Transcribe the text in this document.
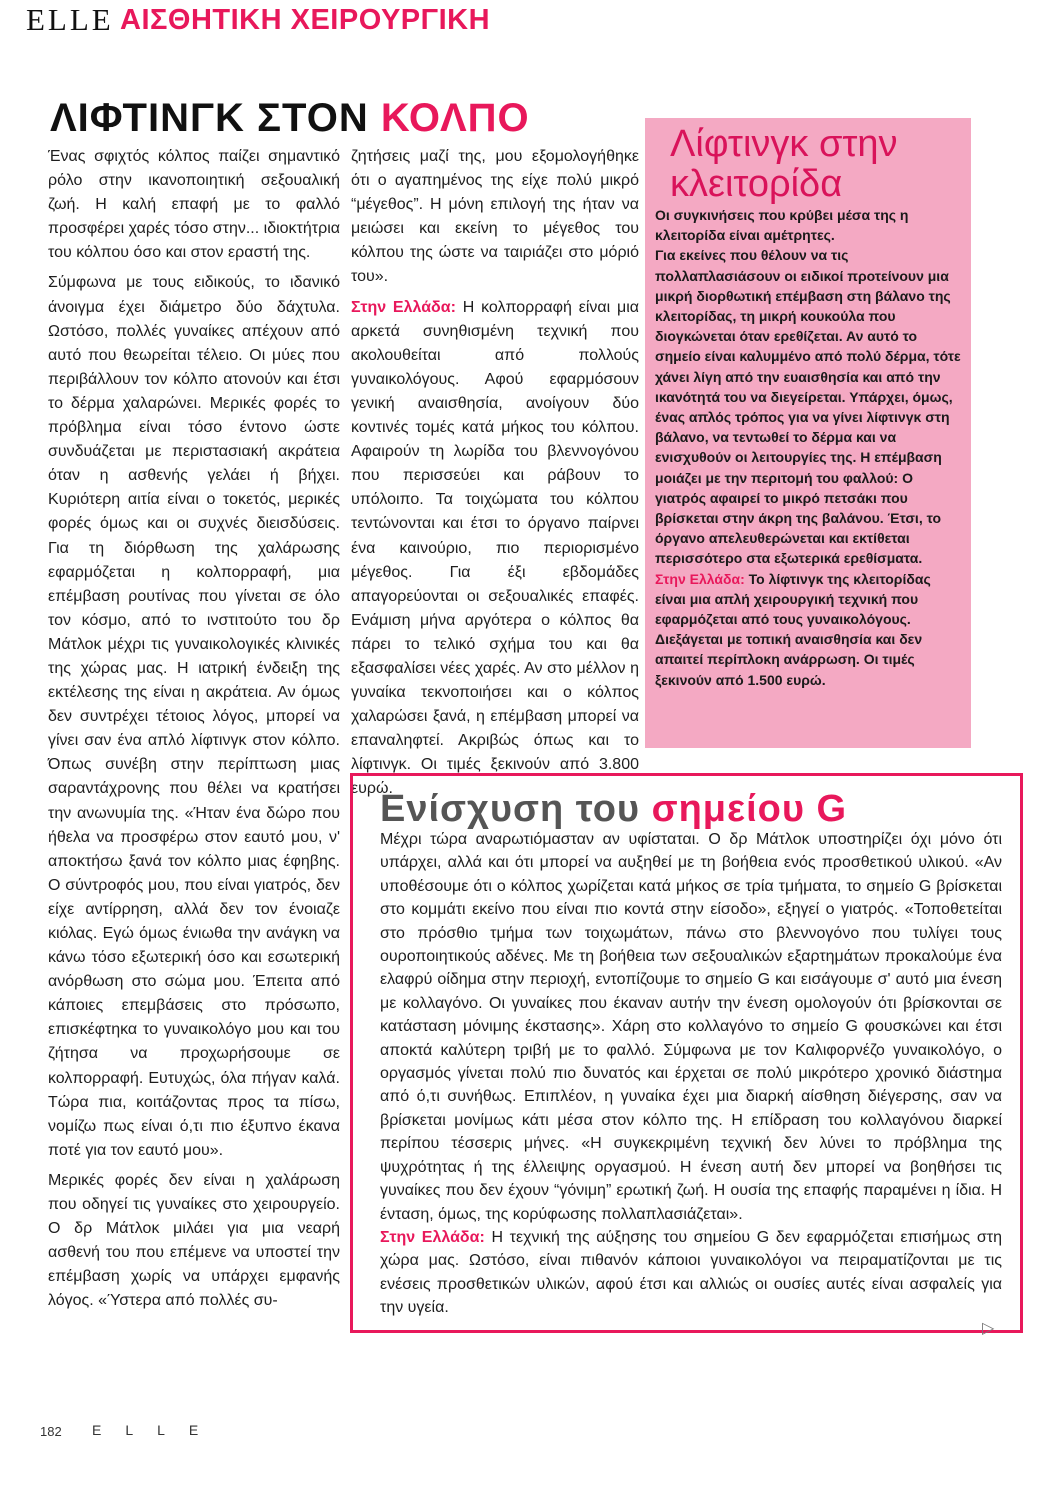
ELLE ΑΙΣΘΗΤΙΚΗ ΧΕΙΡΟΥΡΓΙΚΗ
ΛΙΦΤΙΝΓΚ ΣΤΟΝ ΚΟΛΠΟ

Ένας σφιχτός κόλπος παίζει σημαντικό ρόλο στην ικανοποιητική σεξουαλική ζωή. Η καλή επαφή με το φαλλό προσφέρει χαρές τόσο στην... ιδιοκτήτρια του κόλπου όσο και στον εραστή της.

Σύμφωνα με τους ειδικούς, το ιδανικό άνοιγμα έχει διάμετρο δύο δάχτυλα. Ωστόσο, πολλές γυναίκες απέχουν από αυτό που θεωρείται τέλειο. Οι μύες που περιβάλλουν τον κόλπο ατονούν και έτσι το δέρμα χαλαρώνει. Μερικές φορές το πρόβλημα είναι τόσο έντονο ώστε συνδυάζεται με περιστασιακή ακράτεια όταν η ασθενής γελάει ή βήχει. Κυριότερη αιτία είναι ο τοκετός, μερικές φορές όμως και οι συχνές διεισδύσεις. Για τη διόρθωση της χαλάρωσης εφαρμόζεται η κολπορραφή, μια επέμβαση ρουτίνας που γίνεται σε όλο τον κόσμο, από το ινστιτούτο του δρ Μάτλοκ μέχρι τις γυναικολογικές κλινικές της χώρας μας. Η ιατρική ένδειξη της εκτέλεσης της είναι η ακράτεια. Αν όμως δεν συντρέχει τέτοιος λόγος, μπορεί να γίνει σαν ένα απλό λίφτινγκ στον κόλπο. Όπως συνέβη στην περίπτωση μιας σαραντάχρονης που θέλει να κρατήσει την ανωνυμία της. «Ήταν ένα δώρο που ήθελα να προσφέρω στον εαυτό μου, ν' αποκτήσω ξανά τον κόλπο μιας έφηβης. Ο σύντροφός μου, που είναι γιατρός, δεν είχε αντίρρηση, αλλά δεν τον ένοιαζε κιόλας. Εγώ όμως ένιωθα την ανάγκη να κάνω τόσο εξωτερική όσο και εσωτερική ανόρθωση στο σώμα μου. Έπειτα από κάποιες επεμβάσεις στο πρόσωπο, επισκέφτηκα το γυναικολόγο μου και του ζήτησα να προχωρήσουμε σε κολπορραφή. Ευτυχώς, όλα πήγαν καλά. Τώρα πια, κοιτάζοντας προς τα πίσω, νομίζω πως είναι ό,τι πιο έξυπνο έκανα ποτέ για τον εαυτό μου».

Μερικές φορές δεν είναι η χαλάρωση που οδηγεί τις γυναίκες στο χειρουργείο. Ο δρ Μάτλοκ μιλάει για μια νεαρή ασθενή του που επέμενε να υποστεί την επέμβαση χωρίς να υπάρχει εμφανής λόγος. «Ύστερα από πολλές συ-

ζητήσεις μαζί της, μου εξομολογήθηκε ότι ο αγαπημένος της είχε πολύ μικρό “μέγεθος”. Η μόνη επιλογή της ήταν να μειώσει και εκείνη το μέγεθος του κόλπου της ώστε να ταιριάζει στο μόριό του».

Στην Ελλάδα: Η κολπορραφή είναι μια αρκετά συνηθισμένη τεχνική που ακολουθείται από πολλούς γυναικολόγους. Αφού εφαρμόσουν γενική αναισθησία, ανοίγουν δύο κοντινές τομές κατά μήκος του κόλπου. Αφαιρούν τη λωρίδα του βλεννογόνου που περισσεύει και ράβουν το υπόλοιπο. Τα τοιχώματα του κόλπου τεντώνονται και έτσι το όργανο παίρνει ένα καινούριο, πιο περιορισμένο μέγεθος. Για έξι εβδομάδες απαγορεύονται οι σεξουαλικές επαφές. Ενάμιση μήνα αργότερα ο κόλπος θα πάρει το τελικό σχήμα του και θα εξασφαλίσει νέες χαρές. Αν στο μέλλον η γυναίκα τεκνοποιήσει και ο κόλπος χαλαρώσει ξανά, η επέμβαση μπορεί να επαναληφτεί. Ακριβώς όπως και το λίφτινγκ. Οι τιμές ξεκινούν από 3.800 ευρώ.

Λίφτινγκ στην
κλειτορίδα

Οι συγκινήσεις που κρύβει μέσα της η κλειτορίδα είναι αμέτρητες.

Για εκείνες που θέλουν να τις πολλαπλασιάσουν οι ειδικοί προτείνουν μια μικρή διορθωτική επέμβαση στη βάλανο της κλειτορίδας, τη μικρή κουκούλα που διογκώνεται όταν ερεθίζεται. Αν αυτό το σημείο είναι καλυμμένο από πολύ δέρμα, τότε χάνει λίγη από την ευαισθησία και από την ικανότητά του να διεγείρεται. Υπάρχει, όμως, ένας απλός τρόπος για να γίνει λίφτινγκ στη βάλανο, να τεντωθεί το δέρμα και να ενισχυθούν οι λειτουργίες της. Η επέμβαση μοιάζει με την περιτομή του φαλλού: Ο γιατρός αφαιρεί το μικρό πετσάκι που βρίσκεται στην άκρη της βαλάνου. Έτσι, το όργανο απελευθερώνεται και εκτίθεται περισσότερο στα εξωτερικά ερεθίσματα.

Στην Ελλάδα: Το λίφτινγκ της κλειτορίδας είναι μια απλή χειρουργική τεχνική που εφαρμόζεται από τους γυναικολόγους. Διεξάγεται με τοπική αναισθησία και δεν απαιτεί περίπλοκη ανάρρωση. Οι τιμές ξεκινούν από 1.500 ευρώ.

Ενίσχυση του σημείου G

Μέχρι τώρα αναρωτιόμασταν αν υφίσταται. Ο δρ Μάτλοκ υποστηρίζει όχι μόνο ότι υπάρχει, αλλά και ότι μπορεί να αυξηθεί με τη βοήθεια ενός προσθετικού υλικού. «Αν υποθέσουμε ότι ο κόλπος χωρίζεται κατά μήκος σε τρία τμήματα, το σημείο G βρίσκεται στο κομμάτι εκείνο που είναι πιο κοντά στην είσοδο», εξηγεί ο γιατρός. «Τοποθετείται στο πρόσθιο τμήμα των τοιχωμάτων, πάνω στο βλεννογόνο που τυλίγει τους ουροποιητικούς αδένες. Με τη βοήθεια των σεξουαλικών εξαρτημάτων προκαλούμε ένα ελαφρύ οίδημα στην περιοχή, εντοπίζουμε το σημείο G και εισάγουμε σ' αυτό μια ένεση με κολλαγόνο. Οι γυναίκες που έκαναν αυτήν την ένεση ομολογούν ότι βρίσκονται σε κατάσταση μόνιμης έκστασης». Χάρη στο κολλαγόνο το σημείο G φουσκώνει και έτσι αποκτά καλύτερη τριβή με το φαλλό. Σύμφωνα με τον Καλιφορνέζο γυναικολόγο, ο οργασμός γίνεται πολύ πιο δυνατός και έρχεται σε πολύ μικρότερο χρονικό διάστημα από ό,τι συνήθως. Επιπλέον, η γυναίκα έχει μια διαρκή αίσθηση διέγερσης, σαν να βρίσκεται μονίμως κάτι μέσα στον κόλπο της. Η επίδραση του κολλαγόνου διαρκεί περίπου τέσσερις μήνες. «Η συγκεκριμένη τεχνική δεν λύνει το πρόβλημα της ψυχρότητας ή της έλλειψης οργασμού. Η ένεση αυτή δεν μπορεί να βοηθήσει τις γυναίκες που δεν έχουν “γόνιμη” ερωτική ζωή. Η ουσία της επαφής παραμένει η ίδια. Η ένταση, όμως, της κορύφωσης πολλαπλασιάζεται».

Στην Ελλάδα: Η τεχνική της αύξησης του σημείου G δεν εφαρμόζεται επισήμως στη χώρα μας. Ωστόσο, είναι πιθανόν κάποιοι γυναικολόγοι να πειραματίζονται με τις ενέσεις προσθετικών υλικών, αφού έτσι και αλλιώς οι ουσίες αυτές είναι ασφαλείς για την υγεία.

▷
182 ELLE
